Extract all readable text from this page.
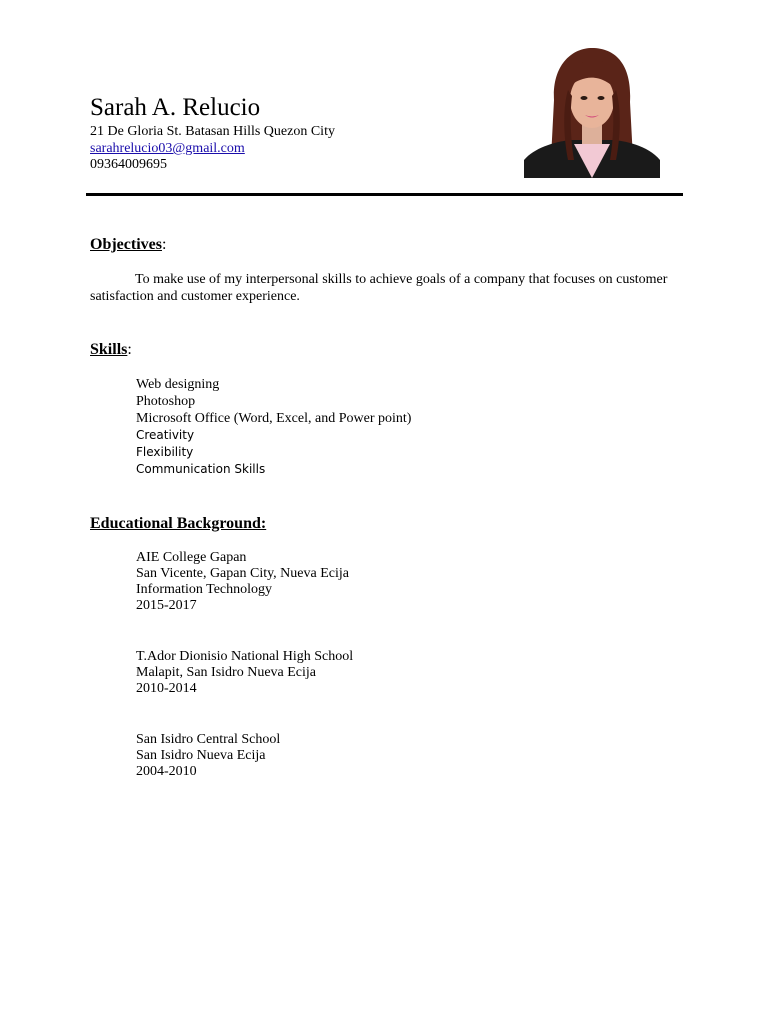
Sarah A. Relucio
21 De Gloria St. Batasan Hills Quezon City
sarahrelucio03@gmail.com
09364009695
Objectives:
To make use of my interpersonal skills to achieve goals of a company that focuses on customer satisfaction and customer experience.
Skills:
Web designing
Photoshop
Microsoft Office (Word, Excel, and Power point)
Creativity
Flexibility
Communication Skills
Educational Background:
AIE College Gapan
San Vicente, Gapan City, Nueva Ecija
Information Technology
2015-2017
T.Ador Dionisio National High School
Malapit, San Isidro Nueva Ecija
2010-2014
San Isidro Central School
San Isidro Nueva Ecija
2004-2010
